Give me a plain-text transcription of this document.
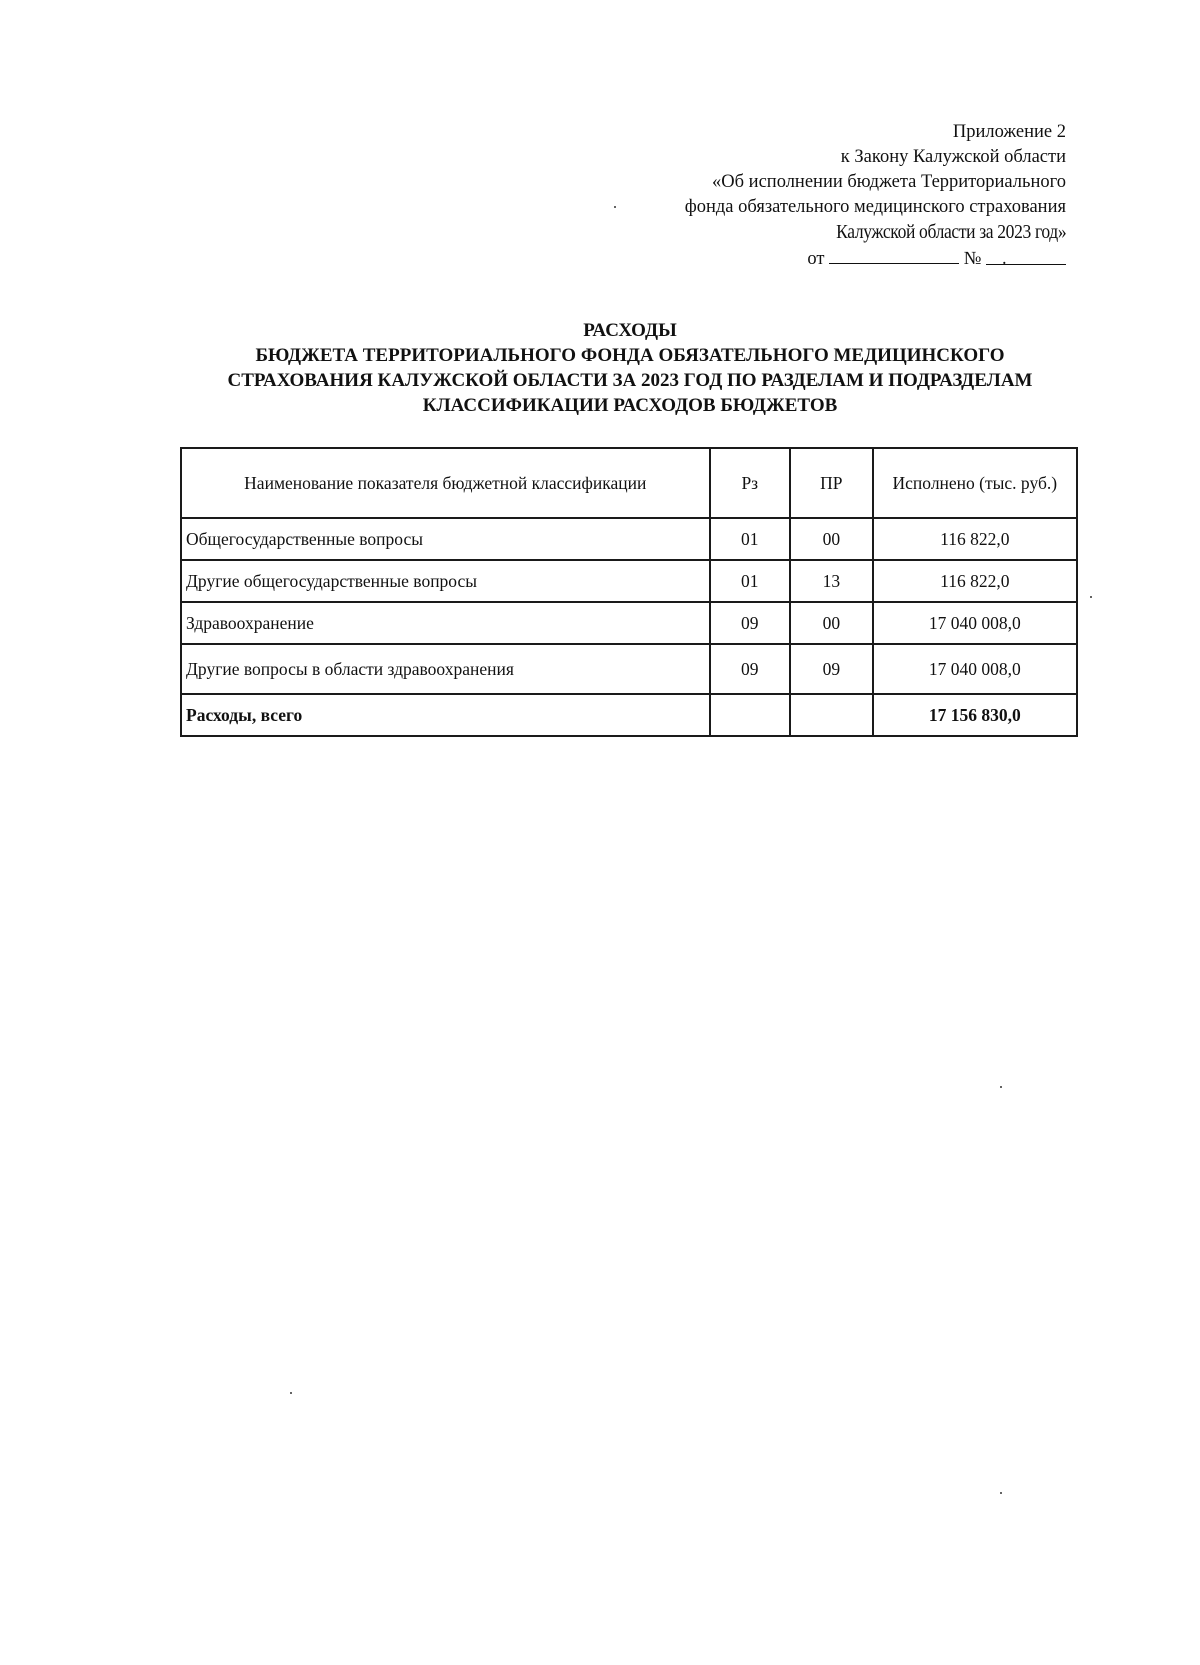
Приложение 2
к Закону Калужской области
«Об исполнении бюджета Территориального
фонда обязательного медицинского страхования
Калужской области за 2023 год»
от	№ .
РАСХОДЫ
БЮДЖЕТА ТЕРРИТОРИАЛЬНОГО ФОНДА ОБЯЗАТЕЛЬНОГО МЕДИЦИНСКОГО
СТРАХОВАНИЯ КАЛУЖСКОЙ ОБЛАСТИ ЗА 2023 ГОД ПО РАЗДЕЛАМ И ПОДРАЗДЕЛАМ
КЛАССИФИКАЦИИ РАСХОДОВ БЮДЖЕТОВ
Наименование показателя бюджетной классификации	Рз	ПР	Исполнено (тыс. руб.)
Общегосударственные вопросы	01	00	116 822,0
Другие общегосударственные вопросы	01	13	116 822,0
Здравоохранение	09	00	17 040 008,0
Другие вопросы в области здравоохранения	09	09	17 040 008,0
Расходы, всего			17 156 830,0
